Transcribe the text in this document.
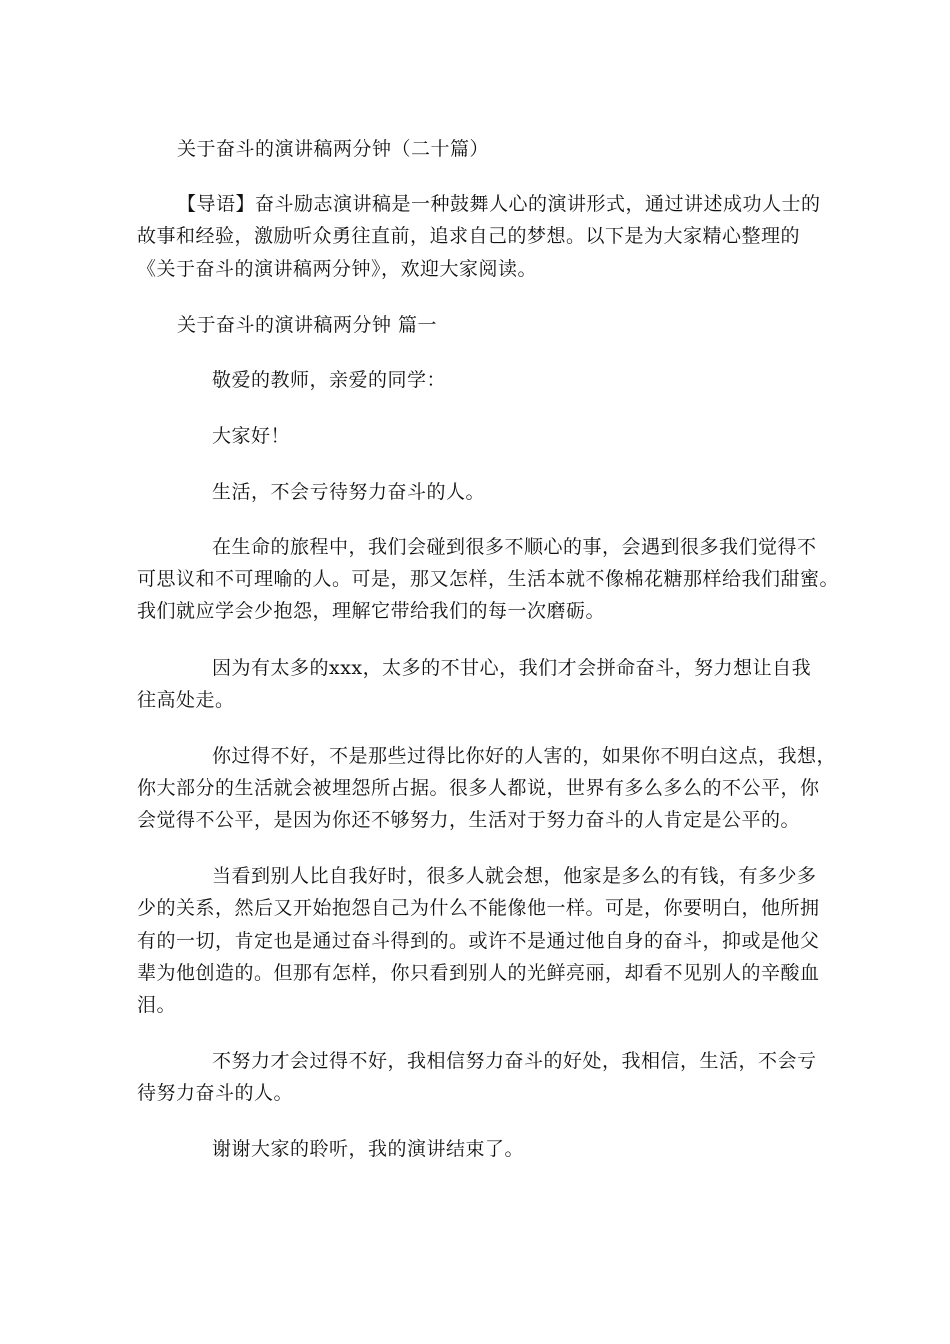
关于奋斗的演讲稿两分钟（二十篇）
【导语】奋斗励志演讲稿是一种鼓舞人心的演讲形式，通过讲述成功人士的
故事和经验，激励听众勇往直前，追求自己的梦想。以下是为大家精心整理的
《关于奋斗的演讲稿两分钟》，欢迎大家阅读。
关于奋斗的演讲稿两分钟 篇一
敬爱的教师，亲爱的同学：
大家好！
生活，不会亏待努力奋斗的人。
在生命的旅程中，我们会碰到很多不顺心的事，会遇到很多我们觉得不
可思议和不可理喻的人。可是，那又怎样，生活本就不像棉花糖那样给我们甜蜜。
我们就应学会少抱怨，理解它带给我们的每一次磨砺。
因为有太多的xxx，太多的不甘心，我们才会拼命奋斗，努力想让自我
往高处走。
你过得不好，不是那些过得比你好的人害的，如果你不明白这点，我想，
你大部分的生活就会被埋怨所占据。很多人都说，世界有多么多么的不公平，你
会觉得不公平，是因为你还不够努力，生活对于努力奋斗的人肯定是公平的。
当看到别人比自我好时，很多人就会想，他家是多么的有钱，有多少多
少的关系，然后又开始抱怨自己为什么不能像他一样。可是，你要明白，他所拥
有的一切，肯定也是通过奋斗得到的。或许不是通过他自身的奋斗，抑或是他父
辈为他创造的。但那有怎样，你只看到别人的光鲜亮丽，却看不见别人的辛酸血
泪。
不努力才会过得不好，我相信努力奋斗的好处，我相信，生活，不会亏
待努力奋斗的人。
谢谢大家的聆听，我的演讲结束了。
